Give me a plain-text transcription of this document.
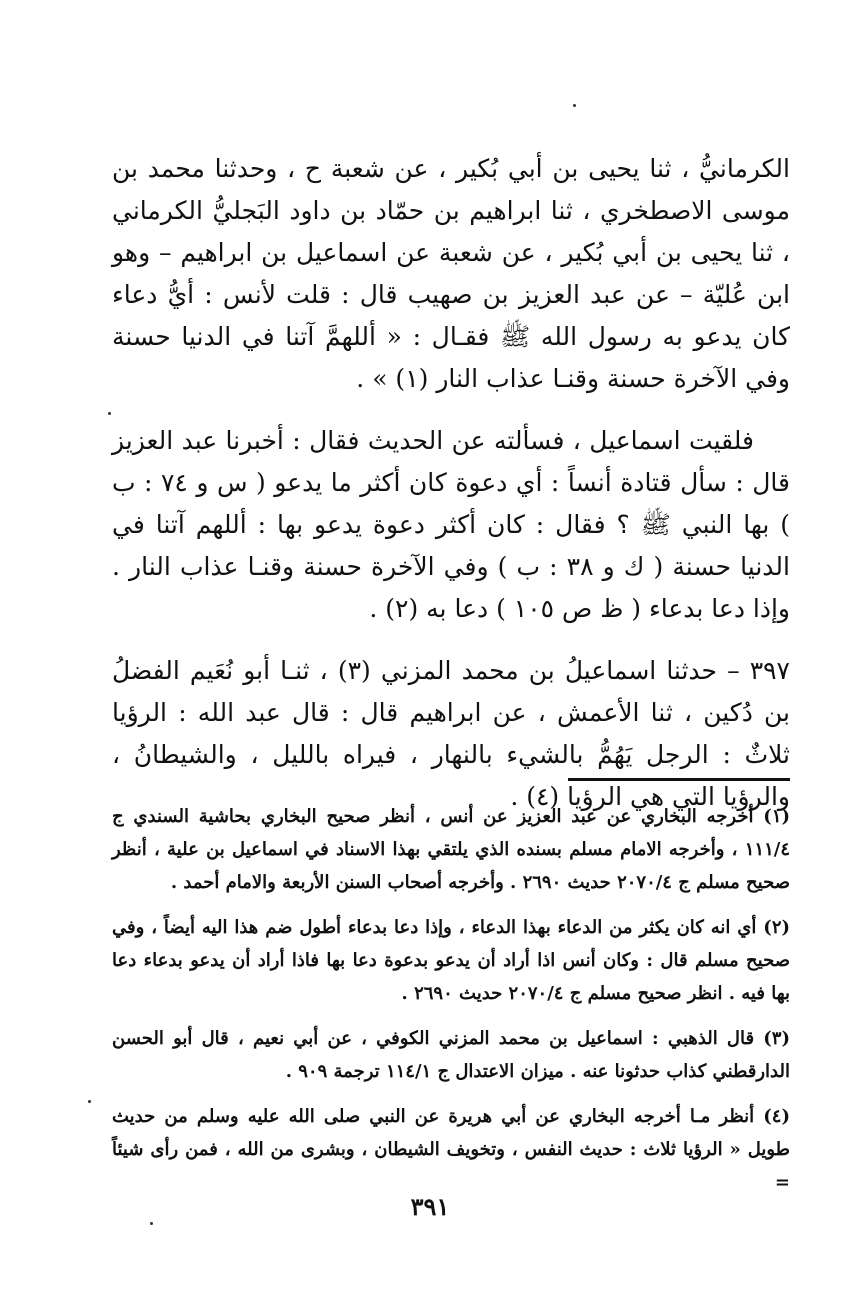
الكرمانيُّ ، ثنا يحيى بن أبي بُكير ، عن شعبة ح ، وحدثنا محمد بن موسى الاصطخري ، ثنا ابراهيم بن حمّاد بن داود البَجليُّ الكرماني ، ثنا يحيى بن أبي بُكير ، عن شعبة عن اسماعيل بن ابراهيم – وهو ابن عُليّة – عن عبد العزيز بن صهيب قال : قلت لأنس : أيُّ دعاء كان يدعو به رسول الله ﷺ فقـال : « أللهمَّ آتنا في الدنيا حسنة وفي الآخرة حسنة وقنـا عذاب النار (١) » .

فلقيت اسماعيل ، فسألته عن الحديث فقال : أخبرنا عبد العزيز قال : سأل قتادة أنساً : أي دعوة كان أكثر ما يدعو ( س و ٧٤ : ب ) بها النبي ﷺ ؟ فقال : كان أكثر دعوة يدعو بها : أللهم آتنا في الدنيا حسنة ( ك و ٣٨ : ب ) وفي الآخرة حسنة وقنـا عذاب النار . وإذا دعا بدعاء ( ظ ص ١٠٥ ) دعا به (٢) .

٣٩٧ – حدثنا اسماعيلُ بن محمد المزني (٣) ، ثنـا أبو نُعَيم الفضلُ بن دُكين ، ثنا الأعمش ، عن ابراهيم قال : قال عبد الله : الرؤيا ثلاثٌ : الرجل يَهُمُّ بالشيء بالنهار ، فيراه بالليل ، والشيطانُ ، والرؤيا التي هي الرؤيا (٤) .

(١) أخرجه البخاري عن عبد العزيز عن أنس ، أنظر صحيح البخاري بحاشية السندي ج ١١١/٤ ، وأخرجه الامام مسلم بسنده الذي يلتقي بهذا الاسناد في اسماعيل بن علية ، أنظر صحيح مسلم ج ٢٠٧٠/٤ حديث ٢٦٩٠ . وأخرجه أصحاب السنن الأربعة والامام أحمد .

(٢) أي انه كان يكثر من الدعاء بهذا الدعاء ، وإذا دعا بدعاء أطول ضم هذا اليه أيضاً ، وفي صحيح مسلم قال : وكان أنس اذا أراد أن يدعو بدعوة دعا بها فاذا أراد أن يدعو بدعاء دعا بها فيه . انظر صحيح مسلم ج ٢٠٧٠/٤ حديث ٢٦٩٠ .

(٣) قال الذهبي : اسماعيل بن محمد المزني الكوفي ، عن أبي نعيم ، قال أبو الحسن الدارقطني كذاب حدثونا عنه . ميزان الاعتدال ج ١١٤/١ ترجمة ٩٠٩ .

(٤) أنظر مـا أخرجه البخاري عن أبي هريرة عن النبي صلى الله عليه وسلم من حديث طويل « الرؤيا ثلاث : حديث النفس ، وتخويف الشيطان ، وبشرى من الله ، فمن رأى شيئاً =

٣٩١
